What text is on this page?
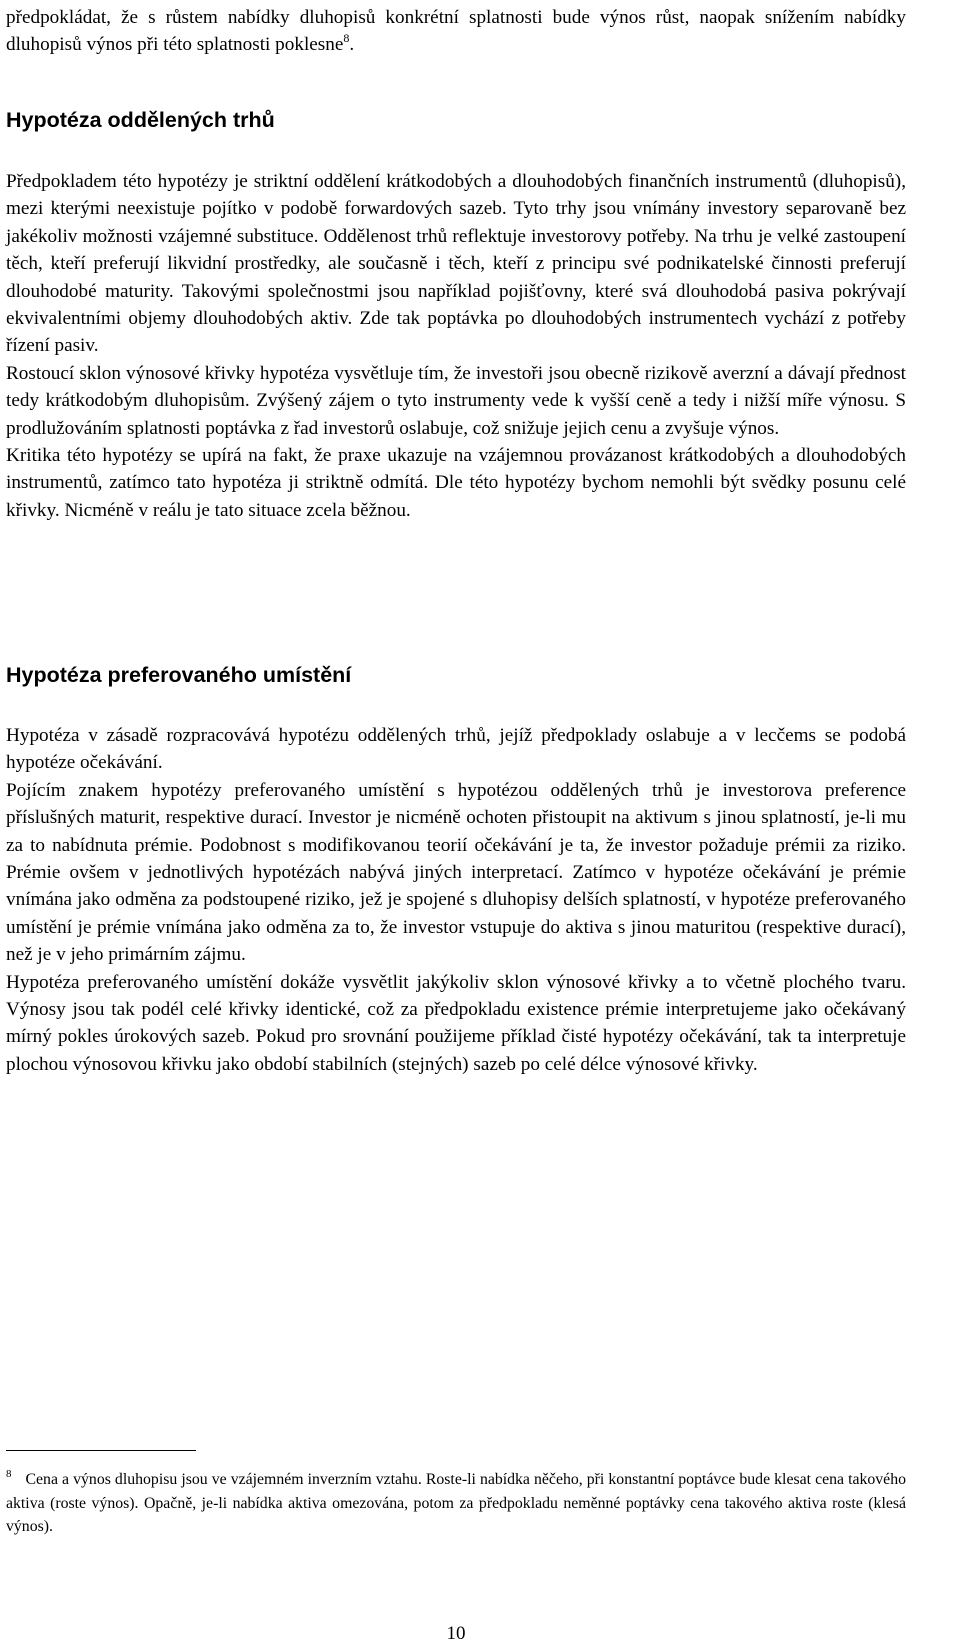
předpokládat, že s růstem nabídky dluhopisů konkrétní splatnosti bude výnos růst, naopak snížením nabídky dluhopisů výnos při této splatnosti poklesne$^8$.

Hypotéza oddělených trhů

Předpokladem této hypotézy je striktní oddělení krátkodobých a dlouhodobých finančních instrumentů (dluhopisů), mezi kterými neexistuje pojítko v podobě forwardových sazeb. Tyto trhy jsou vnímány investory separovaně bez jakékoliv možnosti vzájemné substituce. Oddělenost trhů reflektuje investorovy potřeby. Na trhu je velké zastoupení těch, kteří preferují likvidní prostředky, ale současně i těch, kteří z principu své podnikatelské činnosti preferují dlouhodobé maturity. Takovými společnostmi jsou například pojišťovny, které svá dlouhodobá pasiva pokrývají ekvivalentními objemy dlouhodobých aktiv. Zde tak poptávka po dlouhodobých instrumentech vychází z potřeby řízení pasiv.

Rostoucí sklon výnosové křivky hypotéza vysvětluje tím, že investoři jsou obecně rizikově averzní a dávají přednost tedy krátkodobým dluhopisům. Zvýšený zájem o tyto instrumenty vede k vyšší ceně a tedy i nižší míře výnosu. S prodlužováním splatnosti poptávka z řad investorů oslabuje, což snižuje jejich cenu a zvyšuje výnos.

Kritika této hypotézy se upírá na fakt, že praxe ukazuje na vzájemnou provázanost krátkodobých a dlouhodobých instrumentů, zatímco tato hypotéza ji striktně odmítá. Dle této hypotézy bychom nemohli být svědky posunu celé křivky. Nicméně v reálu je tato situace zcela běžnou.

Hypotéza preferovaného umístění

Hypotéza v zásadě rozpracovává hypotézu oddělených trhů, jejíž předpoklady oslabuje a v lecčems se podobá hypotéze očekávání.

Pojícím znakem hypotézy preferovaného umístění s hypotézou oddělených trhů je investorova preference příslušných maturit, respektive durací. Investor je nicméně ochoten přistoupit na aktivum s jinou splatností, je-li mu za to nabídnuta prémie. Podobnost s modifikovanou teorií očekávání je ta, že investor požaduje prémii za riziko. Prémie ovšem v jednotlivých hypotézách nabývá jiných interpretací. Zatímco v hypotéze očekávání je prémie vnímána jako odměna za podstoupené riziko, jež je spojené s dluhopisy delších splatností, v hypotéze preferovaného umístění je prémie vnímána jako odměna za to, že investor vstupuje do aktiva s jinou maturitou (respektive durací), než je v jeho primárním zájmu.

Hypotéza preferovaného umístění dokáže vysvětlit jakýkoliv sklon výnosové křivky a to včetně plochého tvaru. Výnosy jsou tak podél celé křivky identické, což za předpokladu existence prémie interpretujeme jako očekávaný mírný pokles úrokových sazeb. Pokud pro srovnání použijeme příklad čisté hypotézy očekávání, tak ta interpretuje plochou výnosovou křivku jako období stabilních (stejných) sazeb po celé délce výnosové křivky.

$^8$ Cena a výnos dluhopisu jsou ve vzájemném inverzním vztahu. Roste-li nabídka něčeho, při konstantní poptávce bude klesat cena takového aktiva (roste výnos). Opačně, je-li nabídka aktiva omezována, potom za předpokladu neměnné poptávky cena takového aktiva roste (klesá výnos).

10
